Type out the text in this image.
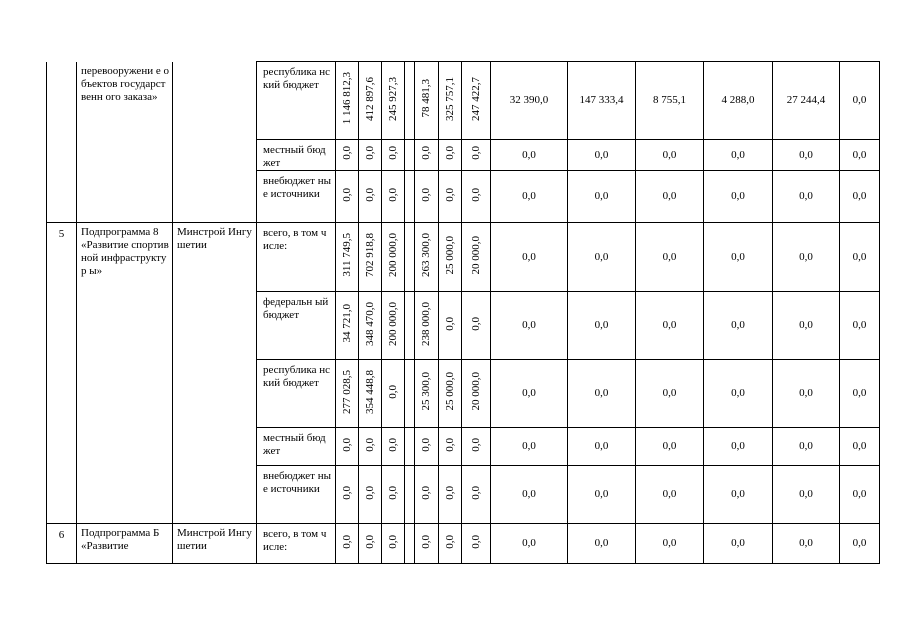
	перевооружени е объектов государственн ого заказа»		республика нский бюджет	1 146 812,3	412 897,6	245 927,3		78 481,3	325 757,1	247 422,7	32 390,0	147 333,4	8 755,1	4 288,0	27 244,4	0,0
			местный бюджет	0,0	0,0	0,0		0,0	0,0	0,0	0,0	0,0	0,0	0,0	0,0	0,0
			внебюджет ные источники	0,0	0,0	0,0		0,0	0,0	0,0	0,0	0,0	0,0	0,0	0,0	0,0
5	Подпрограмма 8 «Развитие спортивной инфраструктур ы»	Минстрой Ингушетии	всего, в том числе:	311 749,5	702 918,8	200 000,0		263 300,0	25 000,0	20 000,0	0,0	0,0	0,0	0,0	0,0	0,0
			федеральн ый бюджет	34 721,0	348 470,0	200 000,0		238 000,0	0,0	0,0	0,0	0,0	0,0	0,0	0,0	0,0
			республика нский бюджет	277 028,5	354 448,8	0,0		25 300,0	25 000,0	20 000,0	0,0	0,0	0,0	0,0	0,0	0,0
			местный бюджет	0,0	0,0	0,0		0,0	0,0	0,0	0,0	0,0	0,0	0,0	0,0	0,0
			внебюджет ные источники	0,0	0,0	0,0		0,0	0,0	0,0	0,0	0,0	0,0	0,0	0,0	0,0
6	Подпрограмма Б «Развитие	Минстрой Ингушетии	всего, в том числе:	0,0	0,0	0,0		0,0	0,0	0,0	0,0	0,0	0,0	0,0	0,0	0,0
